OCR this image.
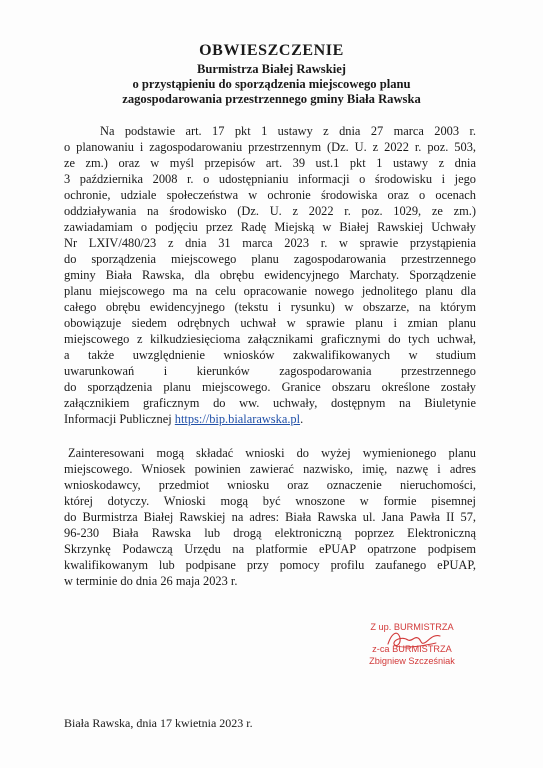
OBWIESZCZENIE
Burmistrza Białej Rawskiej
o przystąpieniu do sporządzenia miejscowego planu
zagospodarowania przestrzennego gminy Biała Rawska
Na podstawie art. 17 pkt 1 ustawy z dnia 27 marca 2003 r.
o planowaniu i zagospodarowaniu przestrzennym (Dz. U. z 2022 r. poz. 503,
ze zm.) oraz w myśl przepisów art. 39 ust.1 pkt 1 ustawy z dnia
3 października 2008 r. o udostępnianiu informacji o środowisku i jego
ochronie, udziale społeczeństwa w ochronie środowiska oraz o ocenach
oddziaływania na środowisko (Dz. U. z 2022 r. poz. 1029, ze zm.)
zawiadamiam o podjęciu przez Radę Miejską w Białej Rawskiej Uchwały
Nr LXIV/480/23 z dnia 31 marca 2023 r. w sprawie przystąpienia
do sporządzenia miejscowego planu zagospodarowania przestrzennego
gminy Biała Rawska, dla obrębu ewidencyjnego Marchaty. Sporządzenie
planu miejscowego ma na celu opracowanie nowego jednolitego planu dla
całego obrębu ewidencyjnego (tekstu i rysunku) w obszarze, na którym
obowiązuje siedem odrębnych uchwał w sprawie planu i zmian planu
miejscowego z kilkudziesięcioma załącznikami graficznymi do tych uchwał,
a także uwzględnienie wniosków zakwalifikowanych w studium
uwarunkowań i kierunków zagospodarowania przestrzennego
do sporządzenia planu miejscowego. Granice obszaru określone zostały
załącznikiem graficznym do ww. uchwały, dostępnym na Biuletynie
Informacji Publicznej https://bip.bialarawska.pl.
Zainteresowani mogą składać wnioski do wyżej wymienionego planu
miejscowego. Wniosek powinien zawierać nazwisko, imię, nazwę i adres
wnioskodawcy, przedmiot wniosku oraz oznaczenie nieruchomości,
której dotyczy. Wnioski mogą być wnoszone w formie pisemnej
do Burmistrza Białej Rawskiej na adres: Biała Rawska ul. Jana Pawła II 57,
96-230 Biała Rawska lub drogą elektroniczną poprzez Elektroniczną
Skrzynkę Podawczą Urzędu na platformie ePUAP opatrzone podpisem
kwalifikowanym lub podpisane przy pomocy profilu zaufanego ePUAP,
w terminie do dnia 26 maja 2023 r.
Z up. BURMISTRZA
z-ca BURMISTRZA
Zbigniew Szcześniak
Biała Rawska, dnia 17 kwietnia 2023 r.
